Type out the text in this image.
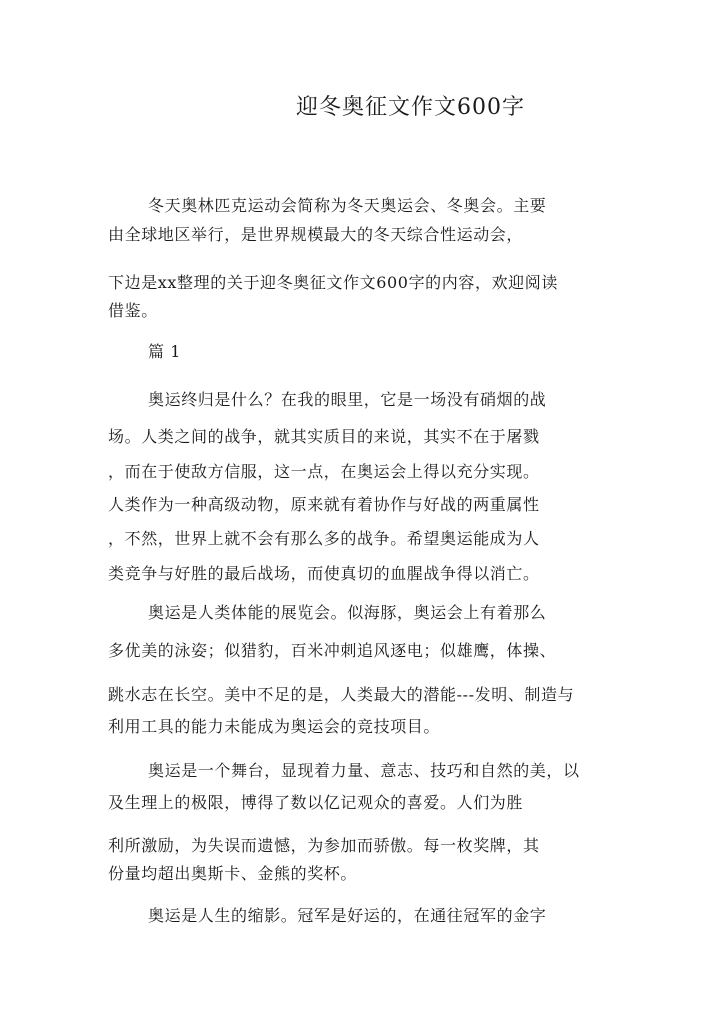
迎冬奥征文作文600字
冬天奥林匹克运动会简称为冬天奥运会、冬奥会。主要
由全球地区举行，是世界规模最大的冬天综合性运动会，
下边是xx整理的关于迎冬奥征文作文600字的内容，欢迎阅读
借鉴。
篇 1
奥运终归是什么？在我的眼里，它是一场没有硝烟的战
场。人类之间的战争，就其实质目的来说，其实不在于屠戮
，而在于使敌方信服，这一点，在奥运会上得以充分实现。
人类作为一种高级动物，原来就有着协作与好战的两重属性
，不然，世界上就不会有那么多的战争。希望奥运能成为人
类竞争与好胜的最后战场，而使真切的血腥战争得以消亡。
奥运是人类体能的展览会。似海豚，奥运会上有着那么
多优美的泳姿；似猎豹，百米冲刺追风逐电；似雄鹰，体操、
跳水志在长空。美中不足的是，人类最大的潜能---发明、制造与
利用工具的能力未能成为奥运会的竞技项目。
奥运是一个舞台，显现着力量、意志、技巧和自然的美，以
及生理上的极限，博得了数以亿记观众的喜爱。人们为胜
利所激励，为失误而遗憾，为参加而骄傲。每一枚奖牌，其
份量均超出奥斯卡、金熊的奖杯。
奥运是人生的缩影。冠军是好运的，在通往冠军的金字
